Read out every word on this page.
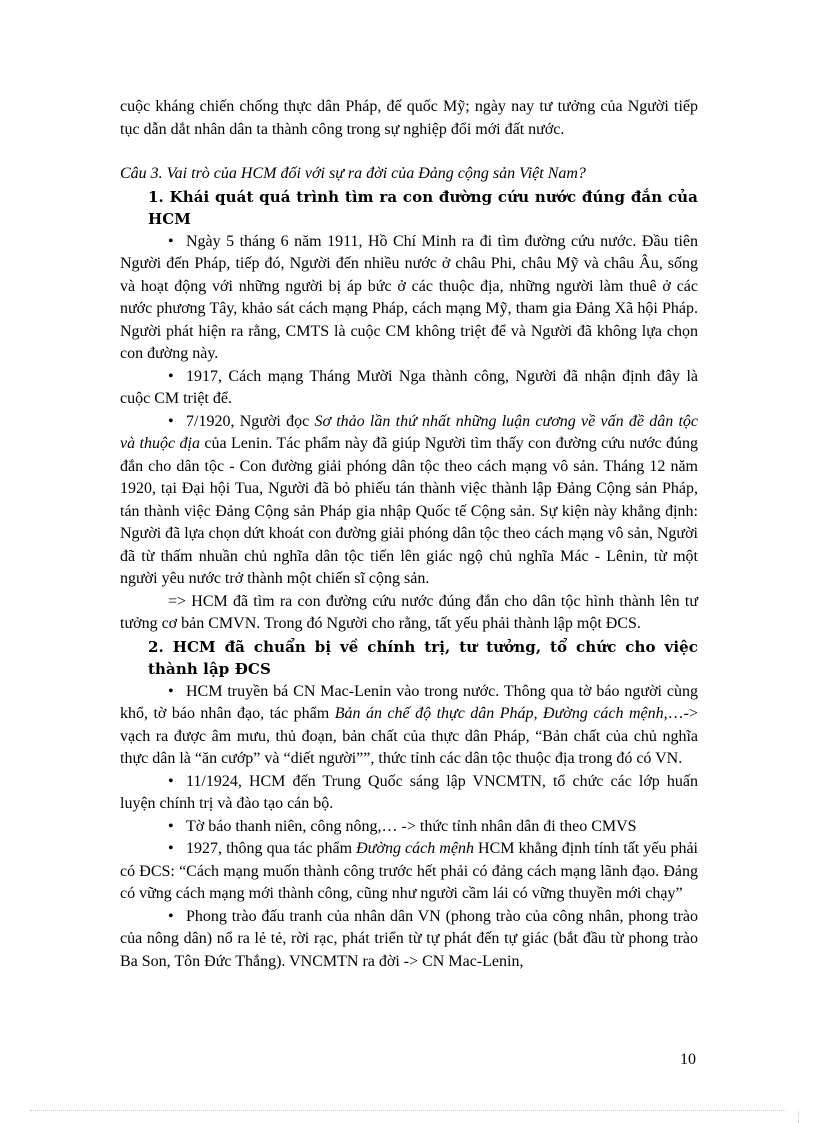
cuộc kháng chiến chống thực dân Pháp, đế quốc Mỹ; ngày nay tư tưởng của Người tiếp tục dẫn dắt nhân dân ta thành công trong sự nghiệp đổi mới đất nước.

Câu 3. Vai trò của HCM đối với sự ra đời của Đảng cộng sản Việt Nam?

1. Khái quát quá trình tìm ra con đường cứu nước đúng đắn của HCM

• Ngày 5 tháng 6 năm 1911, Hồ Chí Minh ra đi tìm đường cứu nước. Đầu tiên Người đến Pháp, tiếp đó, Người đến nhiều nước ở châu Phi, châu Mỹ và châu Âu, sống và hoạt động với những người bị áp bức ở các thuộc địa, những người làm thuê ở các nước phương Tây, khảo sát cách mạng Pháp, cách mạng Mỹ, tham gia Đảng Xã hội Pháp. Người phát hiện ra rằng, CMTS là cuộc CM không triệt để và Người đã không lựa chọn con đường này.

• 1917, Cách mạng Tháng Mười Nga thành công, Người đã nhận định đây là cuộc CM triệt để.

• 7/1920, Người đọc Sơ thảo lần thứ nhất những luận cương về vấn đề dân tộc và thuộc địa của Lenin. Tác phẩm này đã giúp Người tìm thấy con đường cứu nước đúng đắn cho dân tộc - Con đường giải phóng dân tộc theo cách mạng vô sản. Tháng 12 năm 1920, tại Đại hội Tua, Người đã bỏ phiếu tán thành việc thành lập Đảng Cộng sản Pháp, tán thành việc Đảng Cộng sản Pháp gia nhập Quốc tế Cộng sản. Sự kiện này khẳng định: Người đã lựa chọn dứt khoát con đường giải phóng dân tộc theo cách mạng vô sản, Người đã từ thấm nhuần chủ nghĩa dân tộc tiến lên giác ngộ chủ nghĩa Mác - Lênin, từ một người yêu nước trở thành một chiến sĩ cộng sản.

=> HCM đã tìm ra con đường cứu nước đúng đắn cho dân tộc hình thành lên tư tưởng cơ bản CMVN. Trong đó Người cho rằng, tất yếu phải thành lập một ĐCS.

2. HCM đã chuẩn bị về chính trị, tư tưởng, tổ chức cho việc thành lập ĐCS

• HCM truyền bá CN Mac-Lenin vào trong nước. Thông qua tờ báo người cùng khổ, tờ báo nhân đạo, tác phẩm Bản án chế độ thực dân Pháp, Đường cách mệnh,…-> vạch ra được âm mưu, thủ đoạn, bản chất của thực dân Pháp, “Bản chất của chủ nghĩa thực dân là “ăn cướp” và “diết người””, thức tỉnh các dân tộc thuộc địa trong đó có VN.

• 11/1924, HCM đến Trung Quốc sáng lập VNCMTN, tổ chức các lớp huấn luyện chính trị và đào tạo cán bộ.

• Tờ báo thanh niên, công nông,… -> thức tỉnh nhân dân đi theo CMVS

• 1927, thông qua tác phẩm Đường cách mệnh HCM khẳng định tính tất yếu phải có ĐCS: “Cách mạng muốn thành công trước hết phải có đảng cách mạng lãnh đạo. Đảng có vững cách mạng mới thành công, cũng như người cầm lái có vững thuyền mới chạy”

• Phong trào đấu tranh của nhân dân VN (phong trào của công nhân, phong trào của nông dân) nổ ra lẻ tẻ, rời rạc, phát triển từ tự phát đến tự giác (bắt đầu từ phong trào Ba Son, Tôn Đức Thắng). VNCMTN ra đời -> CN Mac-Lenin,

10
